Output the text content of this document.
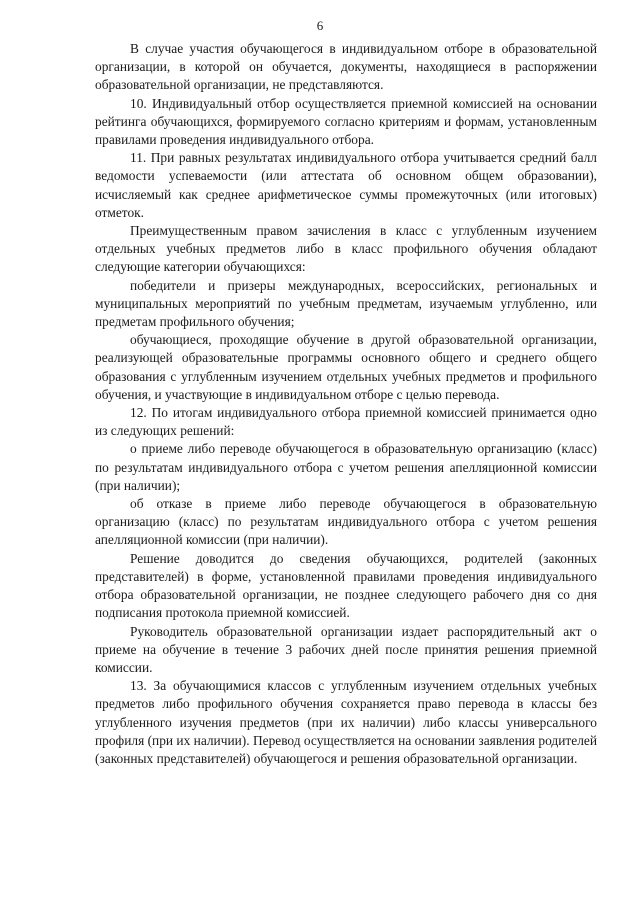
6

В случае участия обучающегося в индивидуальном отборе в образовательной организации, в которой он обучается, документы, находящиеся в распоряжении образовательной организации, не представляются.

10. Индивидуальный отбор осуществляется приемной комиссией на основании рейтинга обучающихся, формируемого согласно критериям и формам, установленным правилами проведения индивидуального отбора.

11. При равных результатах индивидуального отбора учитывается средний балл ведомости успеваемости (или аттестата об основном общем образовании), исчисляемый как среднее арифметическое суммы промежуточных (или итоговых) отметок.

Преимущественным правом зачисления в класс с углубленным изучением отдельных учебных предметов либо в класс профильного обучения обладают следующие категории обучающихся:

победители и призеры международных, всероссийских, региональных и муниципальных мероприятий по учебным предметам, изучаемым углубленно, или предметам профильного обучения;

обучающиеся, проходящие обучение в другой образовательной организации, реализующей образовательные программы основного общего и среднего общего образования с углубленным изучением отдельных учебных предметов и профильного обучения, и участвующие в индивидуальном отборе с целью перевода.

12. По итогам индивидуального отбора приемной комиссией принимается одно из следующих решений:

о приеме либо переводе обучающегося в образовательную организацию (класс) по результатам индивидуального отбора с учетом решения апелляционной комиссии (при наличии);

об отказе в приеме либо переводе обучающегося в образовательную организацию (класс) по результатам индивидуального отбора с учетом решения апелляционной комиссии (при наличии).

Решение доводится до сведения обучающихся, родителей (законных представителей) в форме, установленной правилами проведения индивидуального отбора образовательной организации, не позднее следующего рабочего дня со дня подписания протокола приемной комиссией.

Руководитель образовательной организации издает распорядительный акт о приеме на обучение в течение 3 рабочих дней после принятия решения приемной комиссии.

13. За обучающимися классов с углубленным изучением отдельных учебных предметов либо профильного обучения сохраняется право перевода в классы без углубленного изучения предметов (при их наличии) либо классы универсального профиля (при их наличии). Перевод осуществляется на основании заявления родителей (законных представителей) обучающегося и решения образовательной организации.
